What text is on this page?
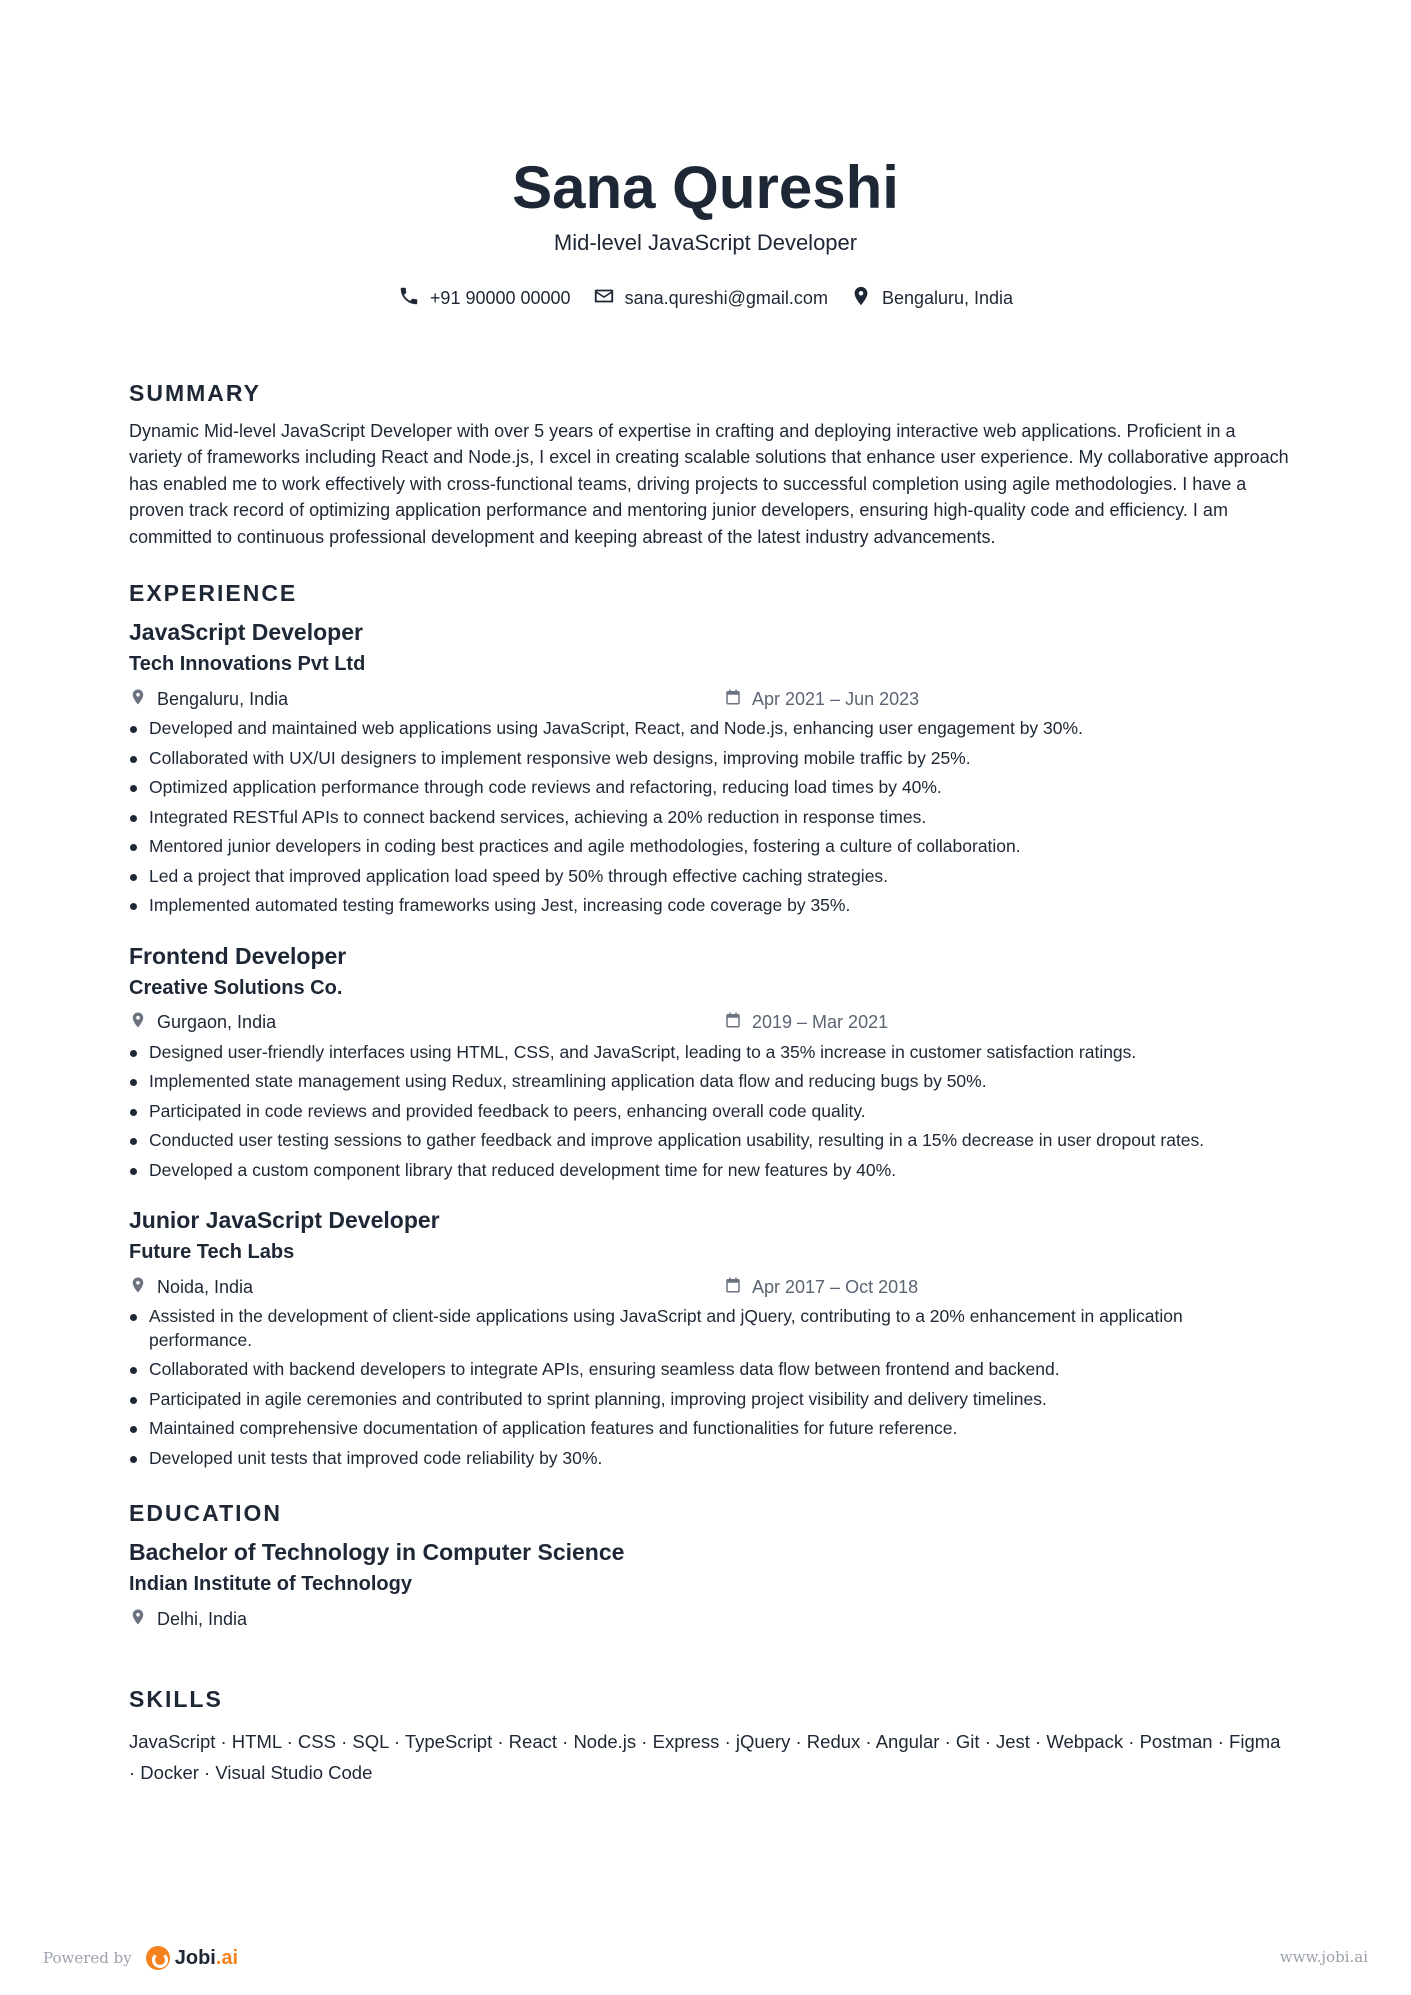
Sana Qureshi
Mid-level JavaScript Developer
+91 90000 00000	sana.qureshi@gmail.com	Bengaluru, India
SUMMARY
Dynamic Mid-level JavaScript Developer with over 5 years of expertise in crafting and deploying interactive web applications. Proficient in a variety of frameworks including React and Node.js, I excel in creating scalable solutions that enhance user experience. My collaborative approach has enabled me to work effectively with cross-functional teams, driving projects to successful completion using agile methodologies. I have a proven track record of optimizing application performance and mentoring junior developers, ensuring high-quality code and efficiency. I am committed to continuous professional development and keeping abreast of the latest industry advancements.
EXPERIENCE
JavaScript Developer
Tech Innovations Pvt Ltd
Bengaluru, India	Apr 2021 – Jun 2023
Developed and maintained web applications using JavaScript, React, and Node.js, enhancing user engagement by 30%.
Collaborated with UX/UI designers to implement responsive web designs, improving mobile traffic by 25%.
Optimized application performance through code reviews and refactoring, reducing load times by 40%.
Integrated RESTful APIs to connect backend services, achieving a 20% reduction in response times.
Mentored junior developers in coding best practices and agile methodologies, fostering a culture of collaboration.
Led a project that improved application load speed by 50% through effective caching strategies.
Implemented automated testing frameworks using Jest, increasing code coverage by 35%.
Frontend Developer
Creative Solutions Co.
Gurgaon, India	2019 – Mar 2021
Designed user-friendly interfaces using HTML, CSS, and JavaScript, leading to a 35% increase in customer satisfaction ratings.
Implemented state management using Redux, streamlining application data flow and reducing bugs by 50%.
Participated in code reviews and provided feedback to peers, enhancing overall code quality.
Conducted user testing sessions to gather feedback and improve application usability, resulting in a 15% decrease in user dropout rates.
Developed a custom component library that reduced development time for new features by 40%.
Junior JavaScript Developer
Future Tech Labs
Noida, India	Apr 2017 – Oct 2018
Assisted in the development of client-side applications using JavaScript and jQuery, contributing to a 20% enhancement in application performance.
Collaborated with backend developers to integrate APIs, ensuring seamless data flow between frontend and backend.
Participated in agile ceremonies and contributed to sprint planning, improving project visibility and delivery timelines.
Maintained comprehensive documentation of application features and functionalities for future reference.
Developed unit tests that improved code reliability by 30%.
EDUCATION
Bachelor of Technology in Computer Science
Indian Institute of Technology
Delhi, India
SKILLS
JavaScript · HTML · CSS · SQL · TypeScript · React · Node.js · Express · jQuery · Redux · Angular · Git · Jest · Webpack · Postman · Figma · Docker · Visual Studio Code
Powered by Jobi.ai	www.jobi.ai
